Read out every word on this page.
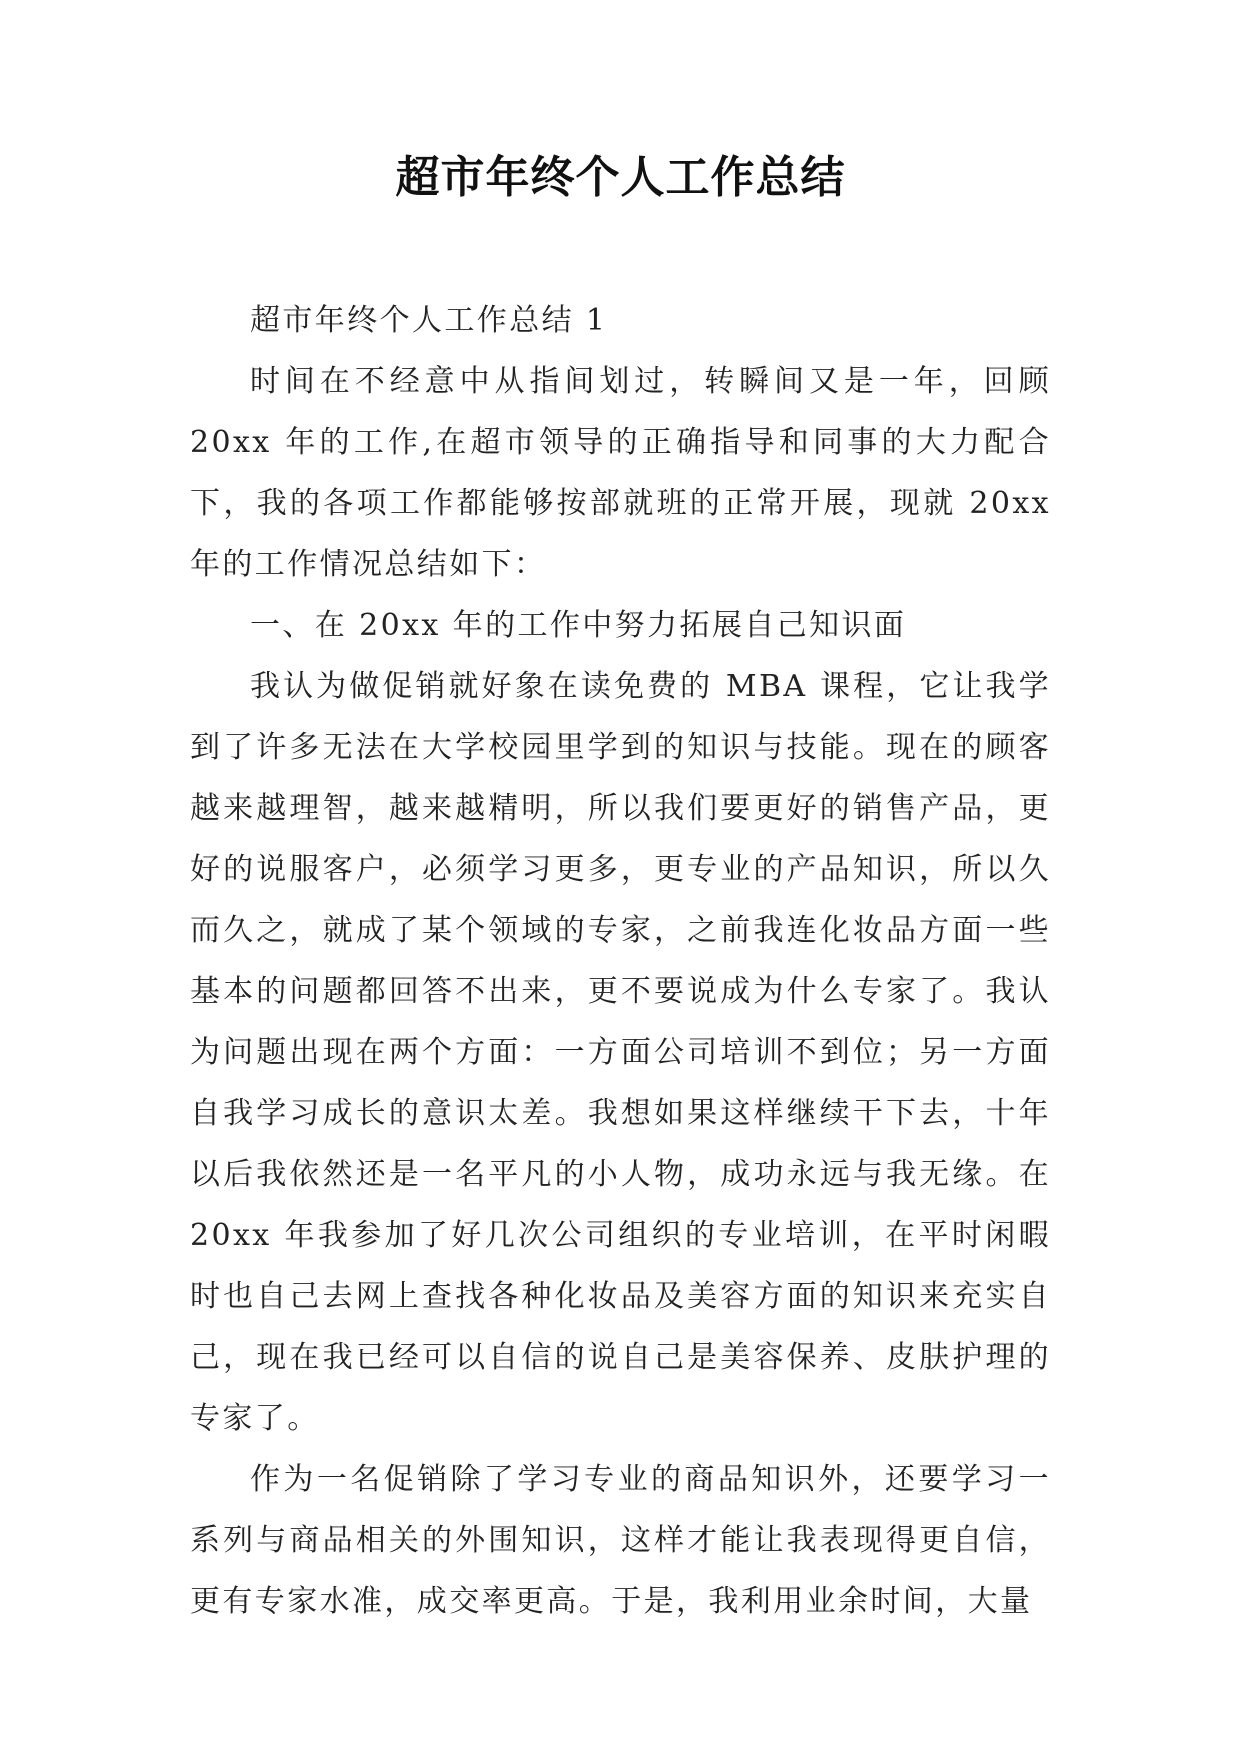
超市年终个人工作总结

超市年终个人工作总结 1

时间在不经意中从指间划过，转瞬间又是一年，回顾 20xx 年的工作,在超市领导的正确指导和同事的大力配合下，我的各项工作都能够按部就班的正常开展，现就 20xx 年的工作情况总结如下：

一、在 20xx 年的工作中努力拓展自己知识面

我认为做促销就好象在读免费的 MBA 课程，它让我学到了许多无法在大学校园里学到的知识与技能。现在的顾客越来越理智，越来越精明，所以我们要更好的销售产品，更好的说服客户，必须学习更多，更专业的产品知识，所以久而久之，就成了某个领域的专家，之前我连化妆品方面一些基本的问题都回答不出来，更不要说成为什么专家了。我认为问题出现在两个方面：一方面公司培训不到位；另一方面自我学习成长的意识太差。我想如果这样继续干下去，十年以后我依然还是一名平凡的小人物，成功永远与我无缘。在 20xx 年我参加了好几次公司组织的专业培训，在平时闲暇时也自己去网上查找各种化妆品及美容方面的知识来充实自己，现在我已经可以自信的说自己是美容保养、皮肤护理的专家了。

作为一名促销除了学习专业的商品知识外，还要学习一系列与商品相关的外围知识，这样才能让我表现得更自信，更有专家水准，成交率更高。于是，我利用业余时间，大量
